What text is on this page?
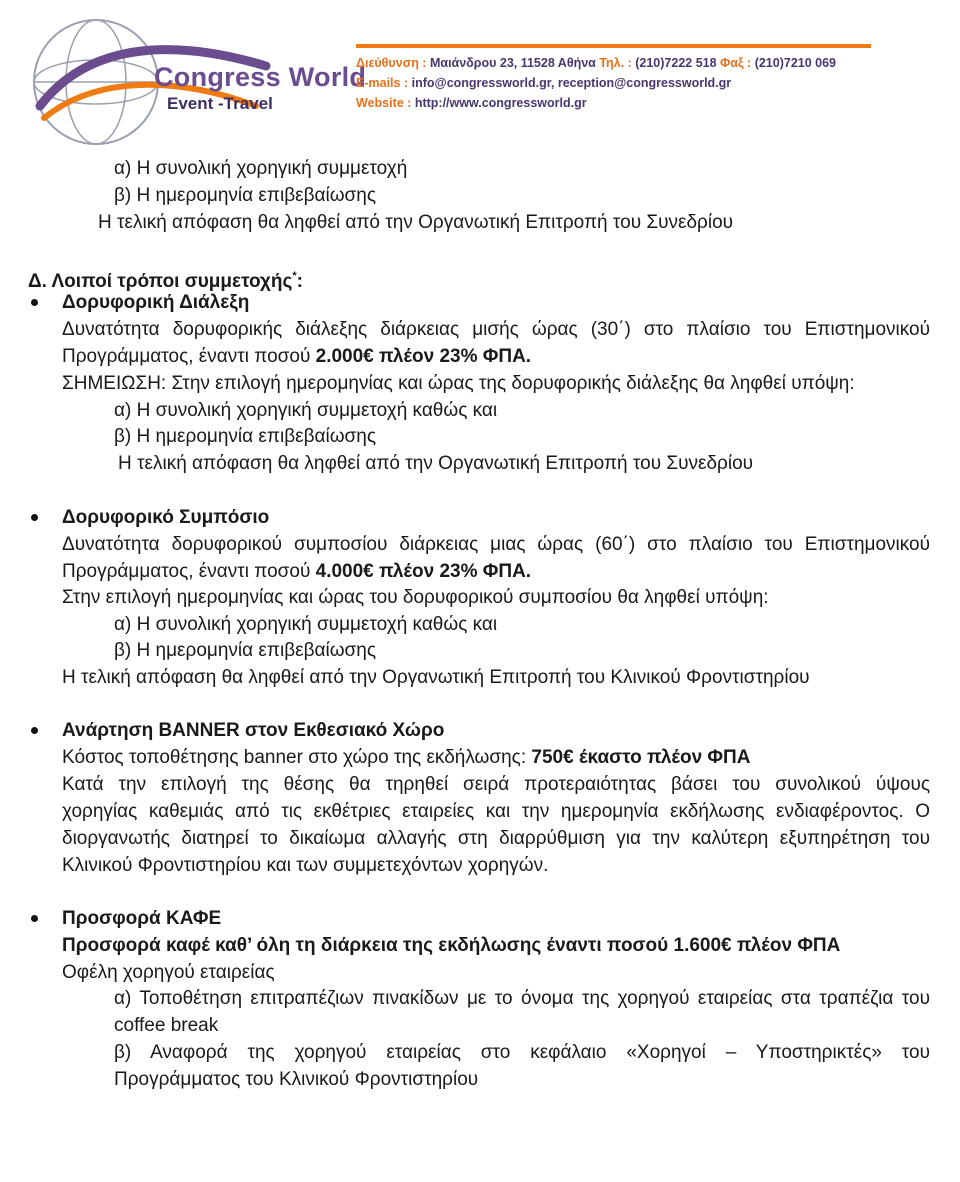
Congress World
Event -Travel
Διεύθυνση : Μαιάνδρου 23, 11528 Αθήνα Τηλ. : (210)7222 518 Φαξ : (210)7210 069
E-mails : info@congressworld.gr, reception@congressworld.gr
Website : http://www.congressworld.gr
α) Η συνολική χορηγική συμμετοχή
β) Η ημερομηνία επιβεβαίωσης
Η τελική απόφαση θα ληφθεί από την Οργανωτική Επιτροπή του Συνεδρίου
Δ. Λοιποί τρόποι συμμετοχής*:
Δορυφορική Διάλεξη
Δυνατότητα δορυφορικής διάλεξης διάρκειας μισής ώρας (30΄) στο πλαίσιο του Επιστημονικού
Προγράμματος, έναντι ποσού 2.000€ πλέον 23% ΦΠΑ.
ΣΗΜΕΙΩΣΗ: Στην επιλογή ημερομηνίας και ώρας της δορυφορικής διάλεξης θα ληφθεί υπόψη:
α) Η συνολική χορηγική συμμετοχή καθώς και
β) Η ημερομηνία επιβεβαίωσης
Η τελική απόφαση θα ληφθεί από την Οργανωτική Επιτροπή του Συνεδρίου
Δορυφορικό Συμπόσιο
Δυνατότητα δορυφορικού συμποσίου διάρκειας μιας ώρας (60΄) στο πλαίσιο του Επιστημονικού
Προγράμματος, έναντι ποσού 4.000€ πλέον 23% ΦΠΑ.
Στην επιλογή ημερομηνίας και ώρας του δορυφορικού συμποσίου θα ληφθεί υπόψη:
α) Η συνολική χορηγική συμμετοχή καθώς και
β) Η ημερομηνία επιβεβαίωσης
Η τελική απόφαση θα ληφθεί από την Οργανωτική Επιτροπή του Κλινικού Φροντιστηρίου
Ανάρτηση BANNER στον Εκθεσιακό Χώρο
Κόστος τοποθέτησης banner στο χώρο της εκδήλωσης: 750€ έκαστο πλέον ΦΠΑ
Κατά την επιλογή της θέσης θα τηρηθεί σειρά προτεραιότητας βάσει του συνολικού ύψους
χορηγίας καθεμιάς από τις εκθέτριες εταιρείες και την ημερομηνία εκδήλωσης ενδιαφέροντος. Ο
διοργανωτής διατηρεί το δικαίωμα αλλαγής στη διαρρύθμιση για την καλύτερη εξυπηρέτηση του
Κλινικού Φροντιστηρίου και των συμμετεχόντων χορηγών.
Προσφορά ΚΑΦΕ
Προσφορά καφέ καθ’ όλη τη διάρκεια της εκδήλωσης έναντι ποσού 1.600€ πλέον ΦΠΑ
Οφέλη χορηγού εταιρείας
α) Τοποθέτηση επιτραπέζιων πινακίδων με το όνομα της χορηγού εταιρείας στα τραπέζια του
coffee break
β) Αναφορά της χορηγού εταιρείας στο κεφάλαιο «Χορηγοί – Υποστηρικτές» του
Προγράμματος του Κλινικού Φροντιστηρίου
